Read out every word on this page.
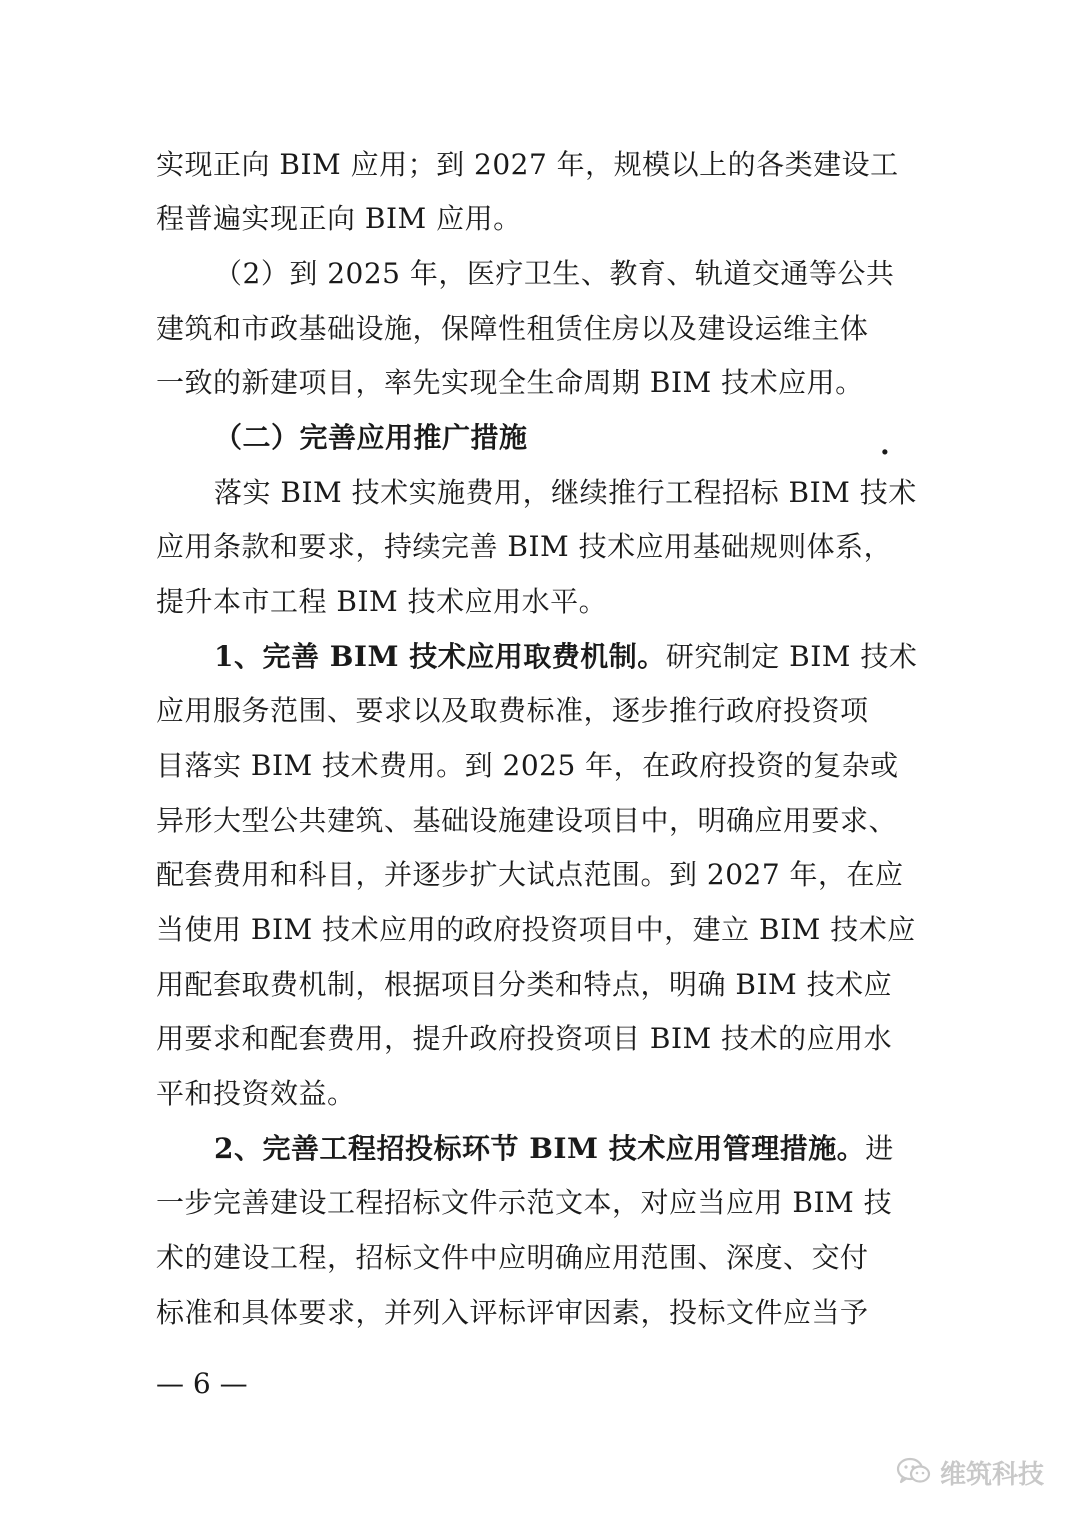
实现正向 BIM 应用；到 2027 年，规模以上的各类建设工
程普遍实现正向 BIM 应用。
（2）到 2025 年，医疗卫生、教育、轨道交通等公共
建筑和市政基础设施，保障性租赁住房以及建设运维主体
一致的新建项目，率先实现全生命周期 BIM 技术应用。
（二）完善应用推广措施	.
落实 BIM 技术实施费用，继续推行工程招标 BIM 技术
应用条款和要求，持续完善 BIM 技术应用基础规则体系，
提升本市工程 BIM 技术应用水平。
1、完善 BIM 技术应用取费机制。研究制定 BIM 技术
应用服务范围、要求以及取费标准，逐步推行政府投资项
目落实 BIM 技术费用。到 2025 年，在政府投资的复杂或
异形大型公共建筑、基础设施建设项目中，明确应用要求、
配套费用和科目，并逐步扩大试点范围。到 2027 年，在应
当使用 BIM 技术应用的政府投资项目中，建立 BIM 技术应
用配套取费机制，根据项目分类和特点，明确 BIM 技术应
用要求和配套费用，提升政府投资项目 BIM 技术的应用水
平和投资效益。
2、完善工程招投标环节 BIM 技术应用管理措施。进
一步完善建设工程招标文件示范文本，对应当应用 BIM 技
术的建设工程，招标文件中应明确应用范围、深度、交付
标准和具体要求，并列入评标评审因素，投标文件应当予
— 6 —
维筑科技
